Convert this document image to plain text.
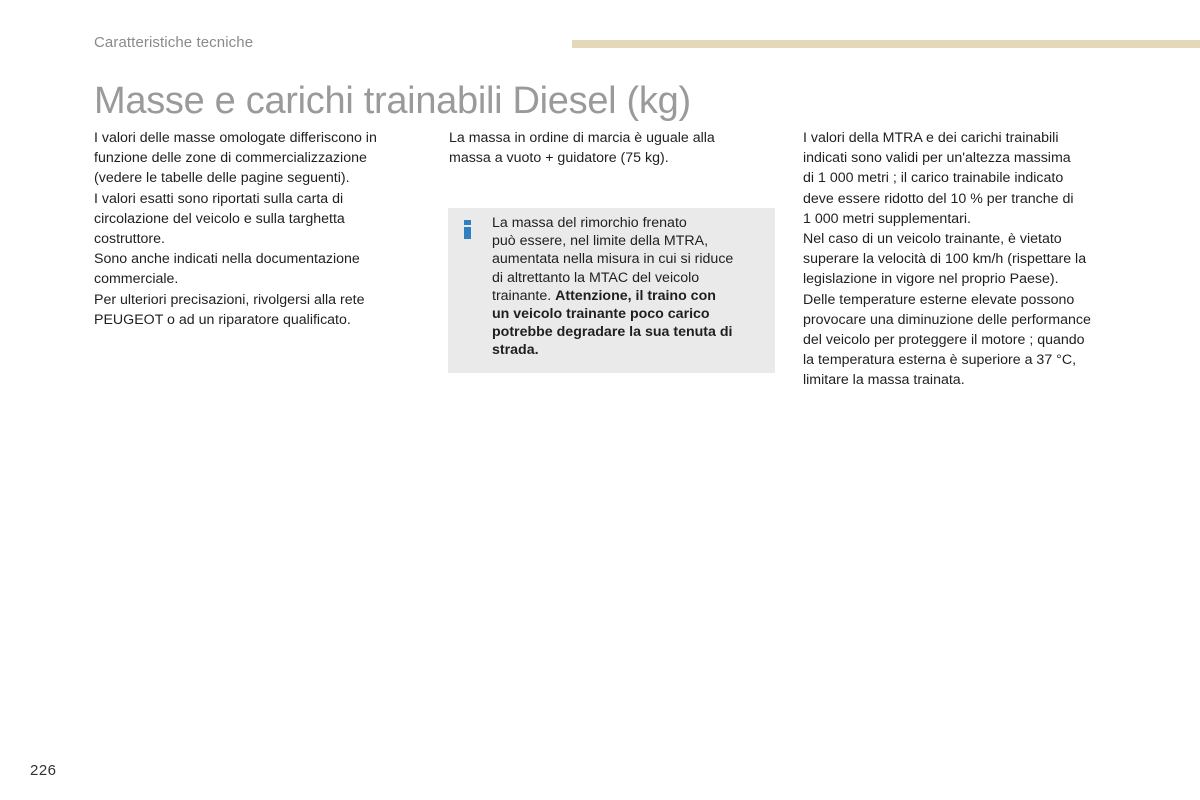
Caratteristiche tecniche
Masse e carichi trainabili Diesel (kg)

I valori delle masse omologate differiscono in

funzione delle zone di commercializzazione

(vedere le tabelle delle pagine seguenti).

I valori esatti sono riportati sulla carta di

circolazione del veicolo e sulla targhetta

costruttore.

Sono anche indicati nella documentazione

commerciale.

Per ulteriori precisazioni, rivolgersi alla rete

PEUGEOT o ad un riparatore qualificato.

La massa in ordine di marcia è uguale alla

massa a vuoto + guidatore (75 kg).

La massa del rimorchio frenato
può essere, nel limite della MTRA,
aumentata nella misura in cui si riduce
di altrettanto la MTAC del veicolo
trainante. Attenzione, il traino con
un veicolo trainante poco carico
potrebbe degradare la sua tenuta di
strada.

I valori della MTRA e dei carichi trainabili

indicati sono validi per un'altezza massima

di 1 000 metri ; il carico trainabile indicato

deve essere ridotto del 10 % per tranche di

1 000 metri supplementari.

Nel caso di un veicolo trainante, è vietato

superare la velocità di 100 km/h (rispettare la

legislazione in vigore nel proprio Paese).

Delle temperature esterne elevate possono

provocare una diminuzione delle performance

del veicolo per proteggere il motore ; quando

la temperatura esterna è superiore a 37 °C,

limitare la massa trainata.

226
